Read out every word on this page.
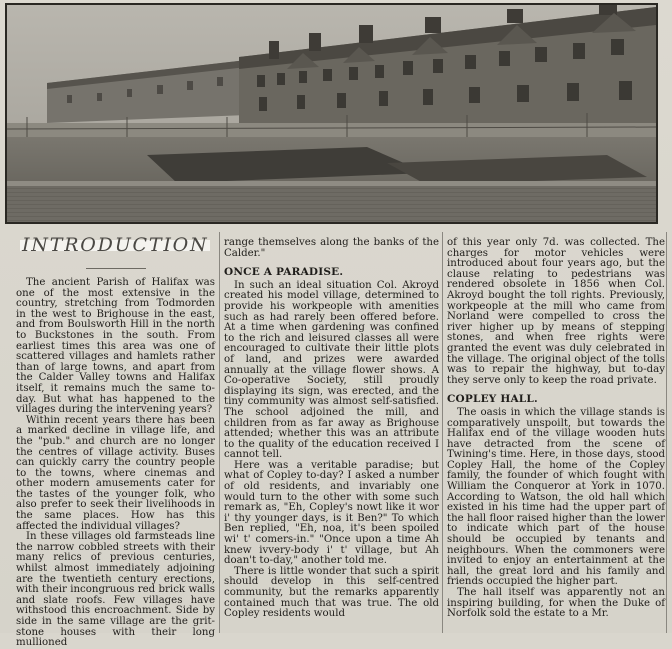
INTRODUCTION

The ancient Parish of Halifax was one of the most extensive in the country, stretching from Todmorden in the west to Brighouse in the east, and from Boulsworth Hill in the north to Buckstones in the south. From earliest times this area was one of scattered villages and hamlets rather than of large towns, and apart from the Calder Valley towns and Halifax itself, it remains much the same to-day. But what has happened to the villages during the intervening years?

Within recent years there has been a marked decline in village life, and the "pub." and church are no longer the centres of village activity. Buses can quickly carry the country people to the towns, where cinemas and other modern amusements cater for the tastes of the younger folk, who also prefer to seek their livelihoods in the same places. How has this affected the individual villages?

In these villages old farmsteads line the narrow cobbled streets with their many relics of previous centuries, whilst almost immediately adjoining are the twentieth century erections, with their incongruous red brick walls and slate roofs. Few villages have withstood this encroachment. Side by side in the same village are the grit-stone houses with their long mullioned

range themselves along the banks of the Calder."

ONCE A PARADISE.

In such an ideal situation Col. Akroyd created his model village, determined to provide his workpeople with amenities such as had rarely been offered before. At a time when gardening was confined to the rich and leisured classes all were encouraged to cultivate their little plots of land, and prizes were awarded annually at the village flower shows. A Co-operative Society, still proudly displaying its sign, was erected, and the tiny community was almost self-satisfied. The school adjoined the mill, and children from as far away as Brighouse attended; whether this was an attribute to the quality of the education received I cannot tell.

Here was a veritable paradise; but what of Copley to-day? I asked a number of old residents, and invariably one would turn to the other with some such remark as, "Eh, Copley's nowt like it wor i' thy younger days, is it Ben?" To which Ben replied, "Eh, noa, it's been spoiled wi' t' comers-in." "Once upon a time Ah knew ivvery-body i' t' village, but Ah doan't to-day," another told me.

There is little wonder that such a spirit should develop in this self-centred community, but the remarks apparently contained much that was true. The old Copley residents would

of this year only 7d. was collected. The charges for motor vehicles were introduced about four years ago, but the clause relating to pedestrians was rendered obsolete in 1856 when Col. Akroyd bought the toll rights. Previously, workpeople at the mill who came from Norland were compelled to cross the river higher up by means of stepping stones, and when free rights were granted the event was duly celebrated in the village. The original object of the tolls was to repair the highway, but to-day they serve only to keep the road private.

COPLEY HALL.

The oasis in which the village stands is comparatively unspoilt, but towards the Halifax end of the village wooden huts have detracted from the scene of Twining's time. Here, in those days, stood Copley Hall, the home of the Copley family, the founder of which fought with William the Conqueror at York in 1070. According to Watson, the old hall which existed in his time had the upper part of the hall floor raised higher than the lower to indicate which part of the house should be occupied by tenants and neighbours. When the commoners were invited to enjoy an entertainment at the hall, the great lord and his family and friends occupied the higher part.

The hall itself was apparently not an inspiring building, for when the Duke of Norfolk sold the estate to a Mr.
